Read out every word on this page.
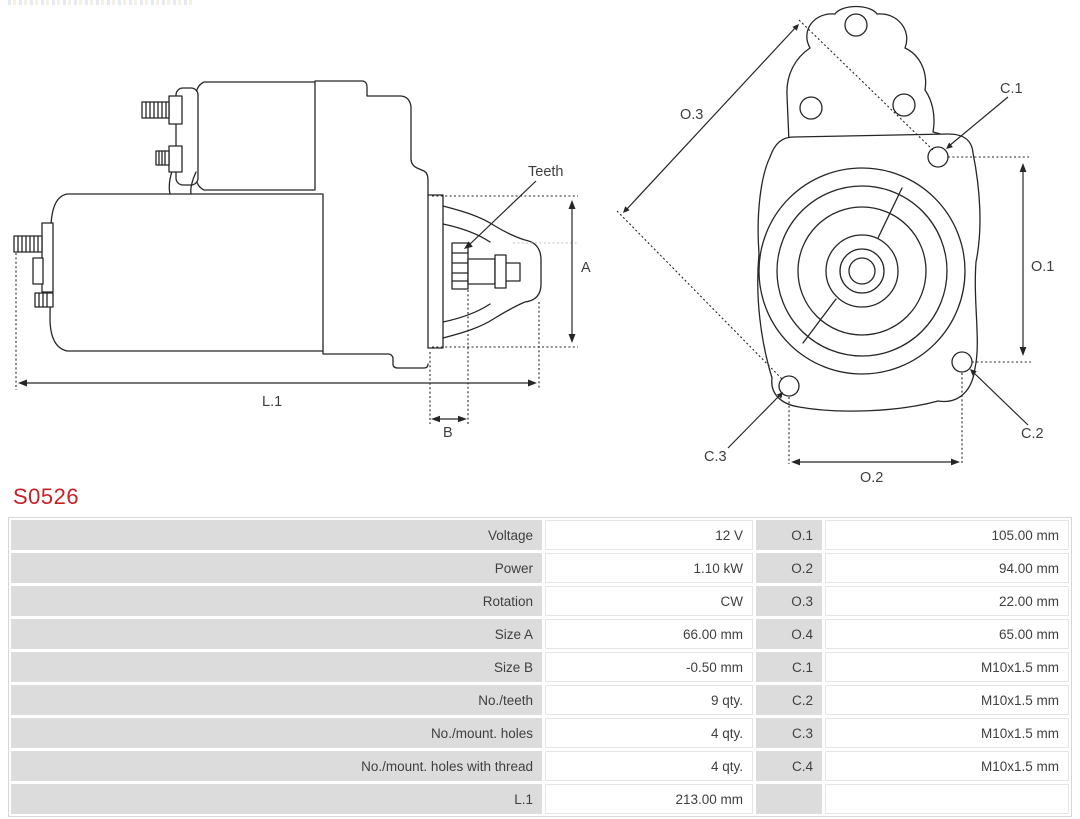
A
L.1
B
Teeth
O.3
C.1
O.1
C.2
C.3
O.2
S0526
Voltage	12 V	O.1	105.00 mm
Power	1.10 kW	O.2	94.00 mm
Rotation	CW	O.3	22.00 mm
Size A	66.00 mm	O.4	65.00 mm
Size B	-0.50 mm	C.1	M10x1.5 mm
No./teeth	9 qty.	C.2	M10x1.5 mm
No./mount. holes	4 qty.	C.3	M10x1.5 mm
No./mount. holes with thread	4 qty.	C.4	M10x1.5 mm
L.1	213.00 mm
